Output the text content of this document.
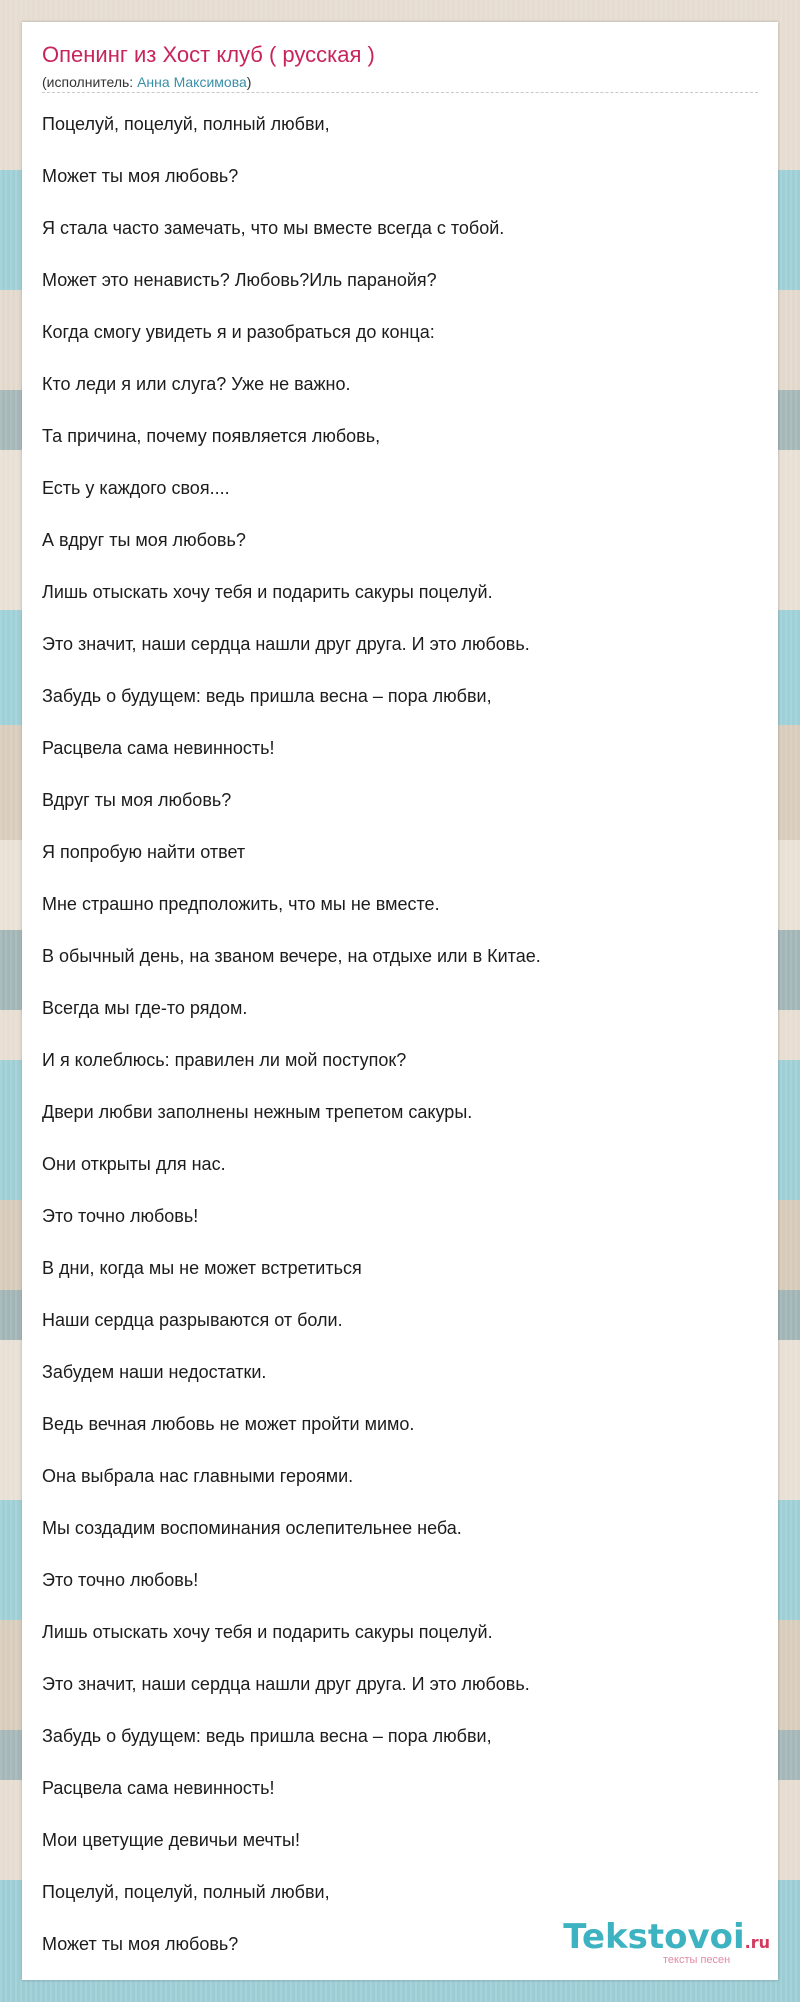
Опенинг из Хост клуб ( русская )
(исполнитель: Анна Максимова)
Поцелуй, поцелуй, полный любви,
Может ты моя любовь?
Я стала часто замечать, что мы вместе всегда с тобой.
Может это ненависть? Любовь?Иль паранойя?
Когда смогу увидеть я и разобраться до конца:
Кто леди я или слуга? Уже не важно.
Та причина, почему появляется любовь,
Есть у каждого своя....
А вдруг ты моя любовь?
Лишь отыскать хочу тебя и подарить сакуры поцелуй.
Это значит, наши сердца нашли друг друга. И это любовь.
Забудь о будущем: ведь пришла весна – пора любви,
Расцвела сама невинность!
Вдруг ты моя любовь?
Я попробую найти ответ
Мне страшно предположить, что мы не вместе.
В обычный день, на званом вечере, на отдыхе или в Китае.
Всегда мы где-то рядом.
И я колеблюсь: правилен ли мой поступок?
Двери любви заполнены нежным трепетом сакуры.
Они открыты для нас.
Это точно любовь!
В дни, когда мы не может встретиться
Наши сердца разрываются от боли.
Забудем наши недостатки.
Ведь вечная любовь не может пройти мимо.
Она выбрала нас главными героями.
Мы создадим воспоминания ослепительнее неба.
Это точно любовь!
Лишь отыскать хочу тебя и подарить сакуры поцелуй.
Это значит, наши сердца нашли друг друга. И это любовь.
Забудь о будущем: ведь пришла весна – пора любви,
Расцвела сама невинность!
Мои цветущие девичьи мечты!
Поцелуй, поцелуй, полный любви,
Может ты моя любовь?	Tekstovoi.ru
тексты песен
